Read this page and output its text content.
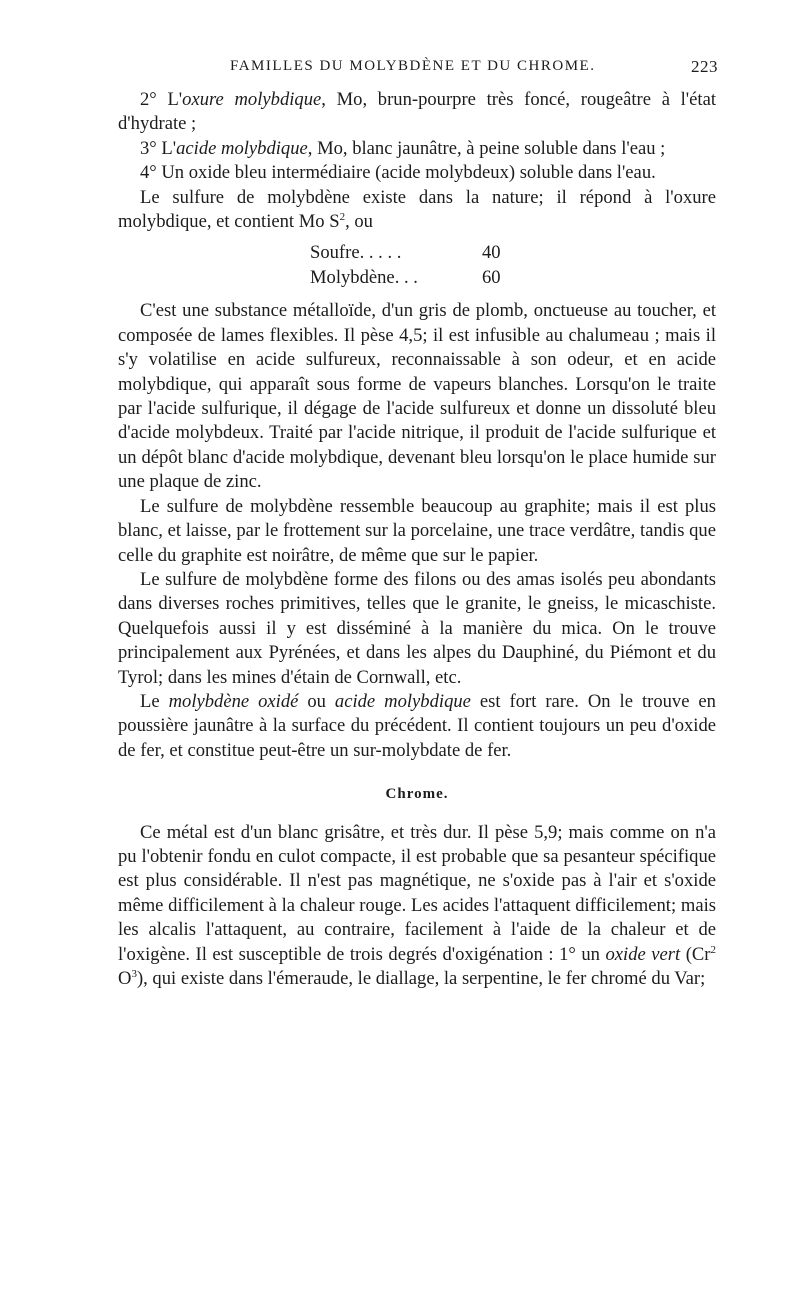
FAMILLES DU MOLYBDÈNE ET DU CHROME.	223

2° L'oxure molybdique, Mo, brun-pourpre très foncé, rougeâtre à l'état d'hydrate ;

3° L'acide molybdique, Mo, blanc jaunâtre, à peine soluble dans l'eau ;

4° Un oxide bleu intermédiaire (acide molybdeux) soluble dans l'eau.

Le sulfure de molybdène existe dans la nature; il répond à l'oxure molybdique, et contient Mo $S^2$, ou

Soufre. . . . .	40
Molybdène. . .	60

C'est une substance métalloïde, d'un gris de plomb, onctueuse au toucher, et composée de lames flexibles. Il pèse 4,5; il est infusible au chalumeau ; mais il s'y volatilise en acide sulfureux, reconnaissable à son odeur, et en acide molybdique, qui apparaît sous forme de vapeurs blanches. Lorsqu'on le traite par l'acide sulfurique, il dégage de l'acide sulfureux et donne un dissoluté bleu d'acide molybdeux. Traité par l'acide nitrique, il produit de l'acide sulfurique et un dépôt blanc d'acide molybdique, devenant bleu lorsqu'on le place humide sur une plaque de zinc.

Le sulfure de molybdène ressemble beaucoup au graphite; mais il est plus blanc, et laisse, par le frottement sur la porcelaine, une trace verdâtre, tandis que celle du graphite est noirâtre, de même que sur le papier.

Le sulfure de molybdène forme des filons ou des amas isolés peu abondants dans diverses roches primitives, telles que le granite, le gneiss, le micaschiste. Quelquefois aussi il y est disséminé à la manière du mica. On le trouve principalement aux Pyrénées, et dans les alpes du Dauphiné, du Piémont et du Tyrol; dans les mines d'étain de Cornwall, etc.

Le molybdène oxidé ou acide molybdique est fort rare. On le trouve en poussière jaunâtre à la surface du précédent. Il contient toujours un peu d'oxide de fer, et constitue peut-être un sur-molybdate de fer.

Chrome.

Ce métal est d'un blanc grisâtre, et très dur. Il pèse 5,9; mais comme on n'a pu l'obtenir fondu en culot compacte, il est probable que sa pesanteur spécifique est plus considérable. Il n'est pas magnétique, ne s'oxide pas à l'air et s'oxide même difficilement à la chaleur rouge. Les acides l'attaquent difficilement; mais les alcalis l'attaquent, au contraire, facilement à l'aide de la chaleur et de l'oxigène. Il est susceptible de trois degrés d'oxigénation : 1° un oxide vert (Cr$^2$ $O^3$), qui existe dans l'émeraude, le diallage, la serpentine, le fer chromé du Var;
